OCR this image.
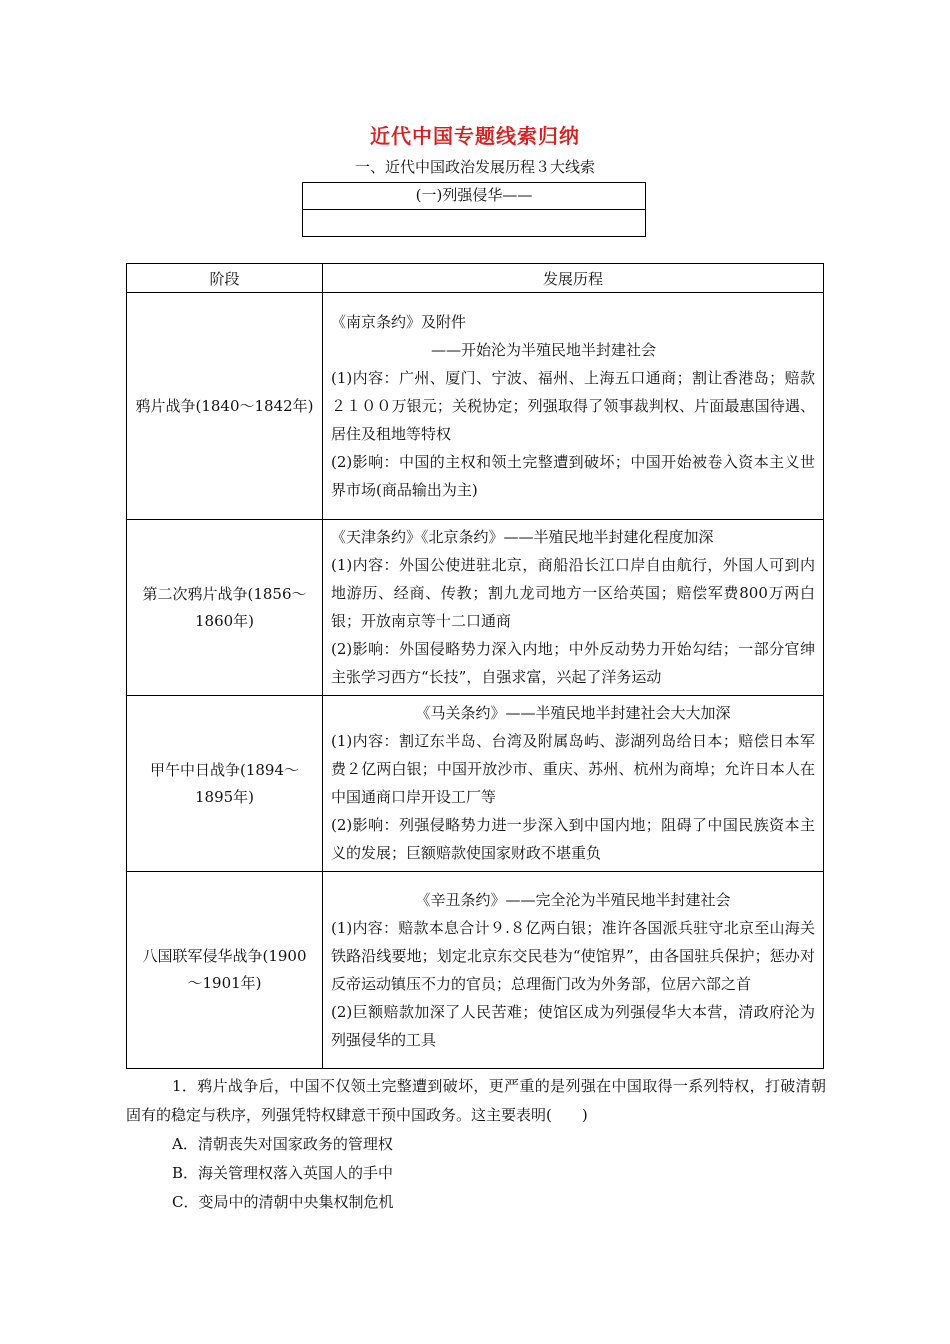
近代中国专题线索归纳
一、近代中国政治发展历程３大线索
(一)列强侵华——
阶段	发展历程
鸦片战争(1840～1842年)	《南京条约》及附件
——开始沦为半殖民地半封建社会
(1)内容：广州、厦门、宁波、福州、上海五口通商；割让香港岛；赔款２１００万银元；关税协定；列强取得了领事裁判权、片面最惠国待遇、居住及租地等特权
(2)影响：中国的主权和领土完整遭到破坏；中国开始被卷入资本主义世界市场(商品输出为主)

第二次鸦片战争(1856～1860年)	《天津条约》《北京条约》——半殖民地半封建化程度加深
(1)内容：外国公使进驻北京，商船沿长江口岸自由航行，外国人可到内地游历、经商、传教；割九龙司地方一区给英国；赔偿军费800万两白银；开放南京等十二口通商
(2)影响：外国侵略势力深入内地；中外反动势力开始勾结；一部分官绅主张学习西方“长技”，自强求富，兴起了洋务运动

甲午中日战争(1894～1895年)	《马关条约》——半殖民地半封建社会大大加深
(1)内容：割辽东半岛、台湾及附属岛屿、澎湖列岛给日本；赔偿日本军费２亿两白银；中国开放沙市、重庆、苏州、杭州为商埠；允许日本人在中国通商口岸开设工厂等
(2)影响：列强侵略势力进一步深入到中国内地；阻碍了中国民族资本主义的发展；巨额赔款使国家财政不堪重负

八国联军侵华战争(1900～1901年)	《辛丑条约》——完全沦为半殖民地半封建社会
(1)内容：赔款本息合计９.８亿两白银；准许各国派兵驻守北京至山海关铁路沿线要地；划定北京东交民巷为“使馆界”，由各国驻兵保护；惩办对反帝运动镇压不力的官员；总理衙门改为外务部，位居六部之首
(2)巨额赔款加深了人民苦难；使馆区成为列强侵华大本营，清政府沦为列强侵华的工具
1．鸦片战争后，中国不仅领土完整遭到破坏，更严重的是列强在中国取得一系列特权，打破清朝固有的稳定与秩序，列强凭特权肆意干预中国政务。这主要表明(　　)
A．清朝丧失对国家政务的管理权
B．海关管理权落入英国人的手中
C．变局中的清朝中央集权制危机
